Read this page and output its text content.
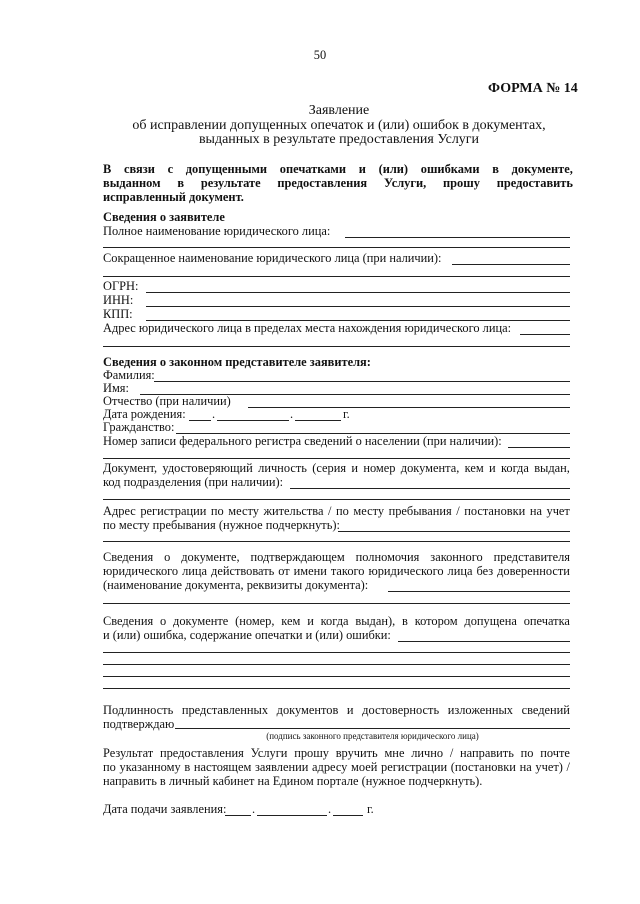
50
ФОРМА № 14
Заявление
об исправлении допущенных опечаток и (или) ошибок в документах,
выданных в результате предоставления Услуги
В связи с допущенными опечатками и (или) ошибками в документе,
выданном в результате предоставления Услуги, прошу предоставить
исправленный документ.
Сведения о заявителе
Полное наименование юридического лица:
Сокращенное наименование юридического лица (при наличии):
ОГРН:
ИНН:
КПП:
Адрес юридического лица в пределах места нахождения юридического лица:
Сведения о законном представителе заявителя:
Фамилия:
Имя:
Отчество (при наличии)
Дата рождения: .	.	г.
Гражданство:
Номер записи федерального регистра сведений о населении (при наличии):
Документ, удостоверяющий личность (серия и номер документа, кем и когда выдан,
код подразделения (при наличии):
Адрес регистрации по месту жительства / по месту пребывания / постановки на учет
по месту пребывания (нужное подчеркнуть):
Сведения о документе, подтверждающем полномочия законного представителя
юридического лица действовать от имени такого юридического лица без доверенности
(наименование документа, реквизиты документа):
Сведения о документе (номер, кем и когда выдан), в котором допущена опечатка
и (или) ошибка, содержание опечатки и (или) ошибки:
Подлинность представленных документов и достоверность изложенных сведений
подтверждаю
(подпись законного представителя юридического лица)
Результат предоставления Услуги прошу вручить мне лично / направить по почте
по указанному в настоящем заявлении адресу моей регистрации (постановки на учет) /
направить в личный кабинет на Едином портале (нужное подчеркнуть).
Дата подачи заявления: .	.	г.
